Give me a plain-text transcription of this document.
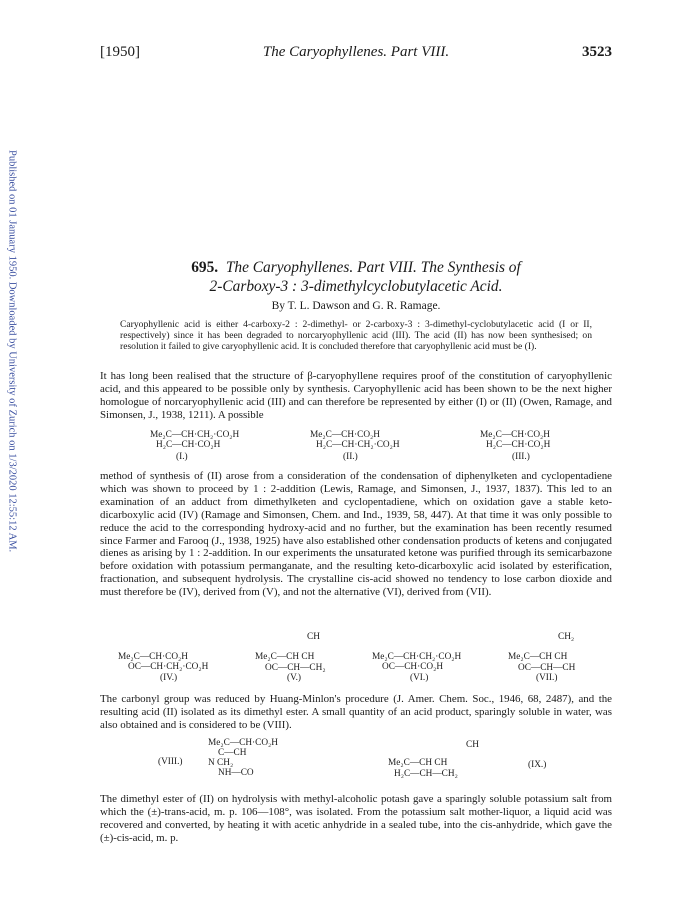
Published on 01 January 1950. Downloaded by University of Zurich on 1/3/2020 12:55:12 AM.
[1950]	The Caryophyllenes. Part VIII.	3523
695. The Caryophyllenes. Part VIII. The Synthesis of
2-Carboxy-3 : 3-dimethylcyclobutylacetic Acid.
By T. L. Dawson and G. R. Ramage.
Caryophyllenic acid is either 4-carboxy-2 : 2-dimethyl- or 2-carboxy-3 : 3-dimethyl-cyclobutylacetic acid (I or II, respectively) since it has been degraded to norcaryophyllenic acid (III). The acid (II) has now been synthesised; on resolution it failed to give caryophyllenic acid. It is concluded therefore that caryophyllenic acid must be (I).
It has long been realised that the structure of β-caryophyllene requires proof of the constitution of caryophyllenic acid, and this appeared to be possible only by synthesis. Caryophyllenic acid has been shown to be the next higher homologue of norcaryophyllenic acid (III) and can therefore be represented by either (I) or (II) (Owen, Ramage, and Simonsen, J., 1938, 1211). A possible
Me₂C—CH·CH₂·CO₂H
H₂C—CH·CO₂H
(I.)
Me₂C—CH·CO₂H
H₂C—CH·CH₂·CO₂H
(II.)
Me₂C—CH·CO₂H
H₂C—CH·CO₂H
(III.)
method of synthesis of (II) arose from a consideration of the condensation of diphenylketen and cyclopentadiene which was shown to proceed by 1 : 2-addition (Lewis, Ramage, and Simonsen, J., 1937, 1837). This led to an examination of an adduct from dimethylketen and cyclopentadiene, which on oxidation gave a stable keto-dicarboxylic acid (IV) (Ramage and Simonsen, Chem. and Ind., 1939, 58, 447). At that time it was only possible to reduce the acid to the corresponding hydroxy-acid and no further, but the examination has been recently resumed since Farmer and Farooq (J., 1938, 1925) have also established other condensation products of ketens and conjugated dienes as arising by 1 : 2-addition. In our experiments the unsaturated ketone was purified through its semicarbazone before oxidation with potassium permanganate, and the resulting keto-dicarboxylic acid isolated by esterification, fractionation, and subsequent hydrolysis. The crystalline cis-acid showed no tendency to lose carbon dioxide and must therefore be (IV), derived from (V), and not the alternative (VI), derived from (VII).
Me₂C—CH·CO₂H
OC—CH·CH₂·CO₂H
(IV.)
CH
Me₂C—CH CH
OC—CH—CH₂
(V.)
Me₂C—CH·CH₂·CO₂H
OC—CH·CO₂H
(VI.)
CH₂
Me₂C—CH CH
OC—CH—CH
(VII.)
The carbonyl group was reduced by Huang-Minlon's procedure (J. Amer. Chem. Soc., 1946, 68, 2487), and the resulting acid (II) isolated as its dimethyl ester. A small quantity of an acid product, sparingly soluble in water, was also obtained and is considered to be (VIII).
(VIII.)
Me₂C—CH·CO₂H
C—CH
N CH₂
NH—CO
CH
Me₂C—CH CH
H₂C—CH—CH₂
(IX.)
The dimethyl ester of (II) on hydrolysis with methyl-alcoholic potash gave a sparingly soluble potassium salt from which the (±)-trans-acid, m. p. 106—108°, was isolated. From the potassium salt mother-liquor, a liquid acid was recovered and converted, by heating it with acetic anhydride in a sealed tube, into the cis-anhydride, which gave the (±)-cis-acid, m. p.
